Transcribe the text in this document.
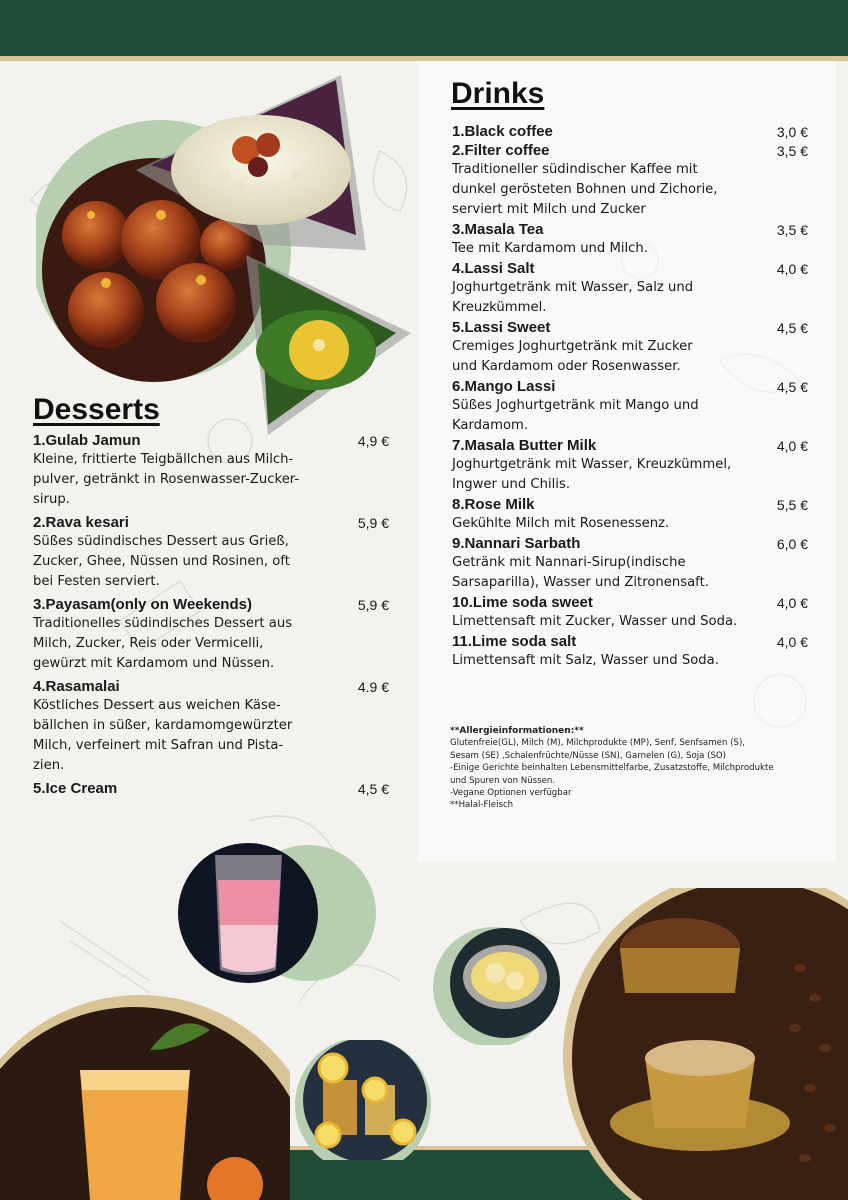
Desserts
1.Gulab Jamun	4,9 €
Kleine, frittierte Teigbällchen aus Milch-
pulver, getränkt in Rosenwasser-Zucker-
sirup.
2.Rava kesari	5,9 €
Süßes südindisches Dessert aus Grieß,
Zucker, Ghee, Nüssen und Rosinen, oft
bei Festen serviert.
3.Payasam(only on Weekends)	5,9 €
Traditionelles südindisches Dessert aus
Milch, Zucker, Reis oder Vermicelli,
gewürzt mit Kardamom und Nüssen.
4.Rasamalai	4.9 €
Köstliches Dessert aus weichen Käse-
bällchen in süßer, kardamomgewürzter
Milch, verfeinert mit Safran und Pista-
zien.
5.Ice Cream	4,5 €
Drinks
1.Black coffee	3,0 €
2.Filter coffee	3,5 €
Traditioneller südindischer Kaffee mit
dunkel gerösteten Bohnen und Zichorie,
serviert mit Milch und Zucker
3.Masala Tea	3,5 €
Tee mit Kardamom und Milch.
4.Lassi Salt	4,0 €
Joghurtgetränk mit Wasser, Salz und
Kreuzkümmel.
5.Lassi Sweet	4,5 €
Cremiges Joghurtgetränk mit Zucker
und Kardamom oder Rosenwasser.
6.Mango Lassi	4,5 €
Süßes Joghurtgetränk mit Mango und
Kardamom.
7.Masala Butter Milk	4,0 €
Joghurtgetränk mit Wasser, Kreuzkümmel,
Ingwer und Chilis.
8.Rose Milk	5,5 €
Gekühlte Milch mit Rosenessenz.
9.Nannari Sarbath	6,0 €
Getränk mit Nannari-Sirup(indische
Sarsaparilla), Wasser und Zitronensaft.
10.Lime soda sweet	4,0 €
Limettensaft mit Zucker, Wasser und Soda.
11.Lime soda salt	4,0 €
Limettensaft mit Salz, Wasser und Soda.
**Allergieinformationen:**
Glutenfreie(GL), Milch (M), Milchprodukte (MP), Senf, Senfsamen (S),
Sesam (SE) ,Schalenfrüchte/Nüsse (SN), Garnelen (G), Soja (SO)
-Einige Gerichte beinhalten Lebensmittelfarbe, Zusatzstoffe, Milchprodukte
und Spuren von Nüssen.
-Vegane Optionen verfügbar
**Halal-Fleisch
